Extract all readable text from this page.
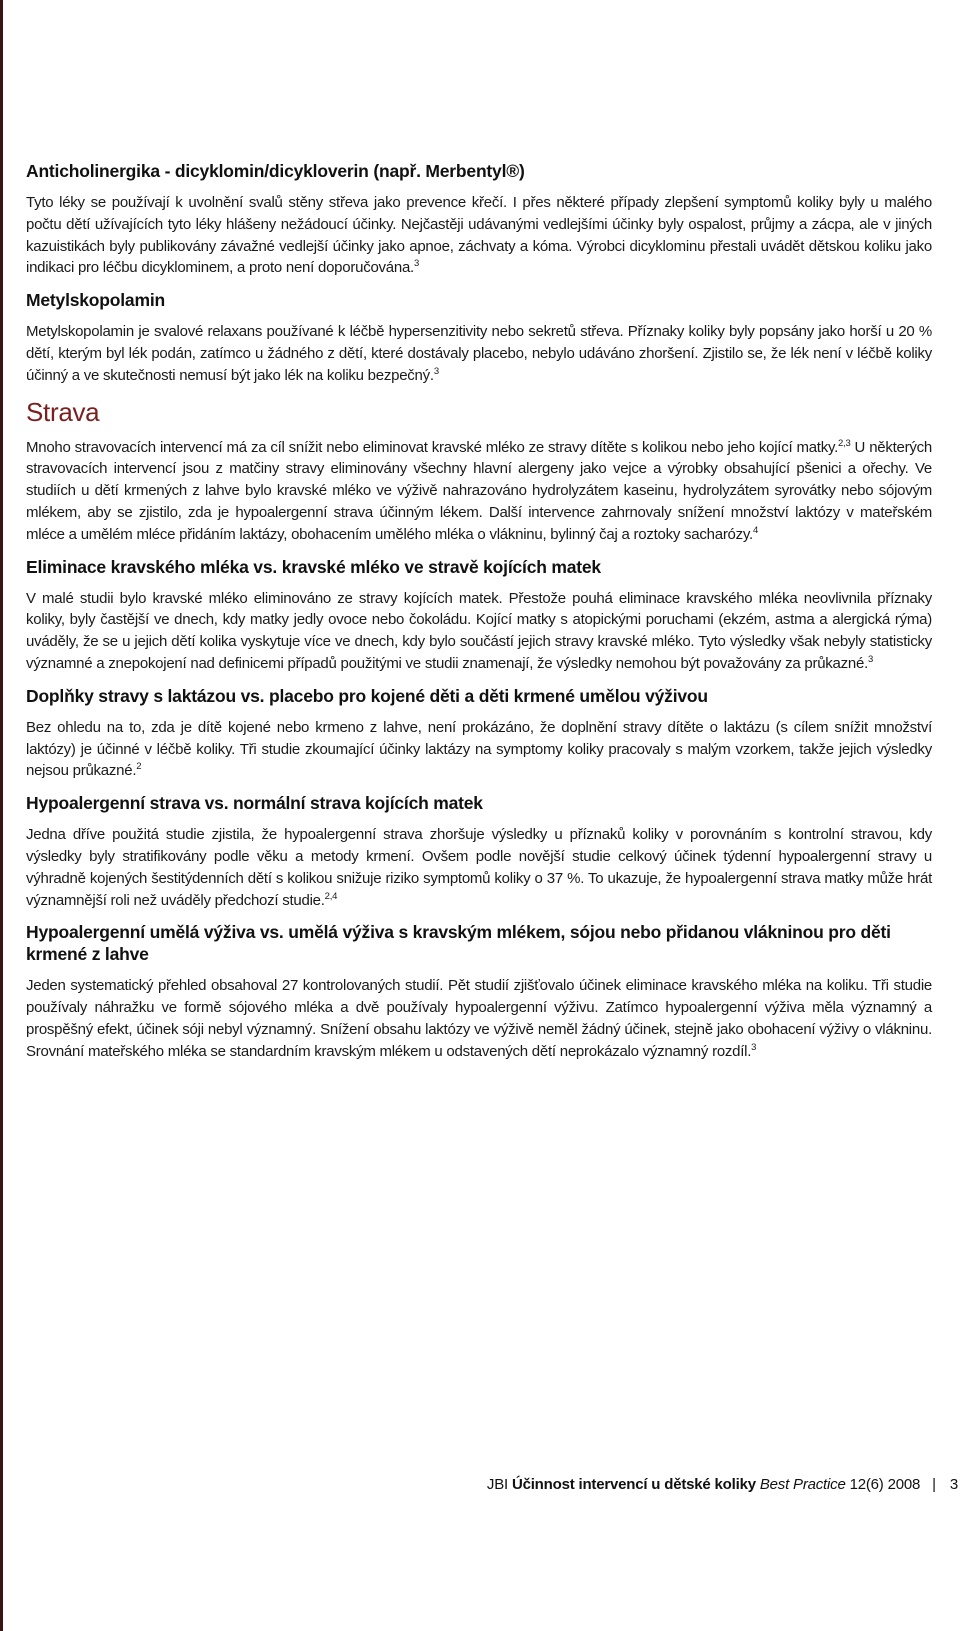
Anticholinergika - dicyklomin/dicykloverin (např. Merbentyl®)

Tyto léky se používají k uvolnění svalů stěny střeva jako prevence křečí. I přes některé případy zlepšení symptomů koliky byly u malého počtu dětí užívajících tyto léky hlášeny nežádoucí účinky. Nejčastěji udávanými vedlejšími účinky byly ospalost, průjmy a zácpa, ale v jiných kazuistikách byly publikovány závažné vedlejší účinky jako apnoe, záchvaty a kóma. Výrobci dicyklominu přestali uvádět dětskou koliku jako indikaci pro léčbu dicyklominem, a proto není doporučována.$^3$

Metylskopolamin

Metylskopolamin je svalové relaxans používané k léčbě hypersenzitivity nebo sekretů střeva. Příznaky koliky byly popsány jako horší u 20 % dětí, kterým byl lék podán, zatímco u žádného z dětí, které dostávaly placebo, nebylo udáváno zhoršení. Zjistilo se, že lék není v léčbě koliky účinný a ve skutečnosti nemusí být jako lék na koliku bezpečný.$^3$

Strava

Mnoho stravovacích intervencí má za cíl snížit nebo eliminovat kravské mléko ze stravy dítěte s kolikou nebo jeho kojící matky.$^{2,3}$ U některých stravovacích intervencí jsou z matčiny stravy eliminovány všechny hlavní alergeny jako vejce a výrobky obsahující pšenici a ořechy. Ve studiích u dětí krmených z lahve bylo kravské mléko ve výživě nahrazováno hydrolyzátem kaseinu, hydrolyzátem syrovátky nebo sójovým mlékem, aby se zjistilo, zda je hypoalergenní strava účinným lékem. Další intervence zahrnovaly snížení množství laktózy v mateřském mléce a umělém mléce přidáním laktázy, obohacením umělého mléka o vlákninu, bylinný čaj a roztoky sacharózy.$^4$

Eliminace kravského mléka vs. kravské mléko ve stravě kojících matek

V malé studii bylo kravské mléko eliminováno ze stravy kojících matek. Přestože pouhá eliminace kravského mléka neovlivnila příznaky koliky, byly častější ve dnech, kdy matky jedly ovoce nebo čokoládu. Kojící matky s atopickými poruchami (ekzém, astma a alergická rýma) uváděly, že se u jejich dětí kolika vyskytuje více ve dnech, kdy bylo součástí jejich stravy kravské mléko. Tyto výsledky však nebyly statisticky významné a znepokojení nad definicemi případů použitými ve studii znamenají, že výsledky nemohou být považovány za průkazné.$^3$

Doplňky stravy s laktázou vs. placebo pro kojené děti a děti krmené umělou výživou

Bez ohledu na to, zda je dítě kojené nebo krmeno z lahve, není prokázáno, že doplnění stravy dítěte o laktázu (s cílem snížit množství laktózy) je účinné v léčbě koliky. Tři studie zkoumající účinky laktázy na symptomy koliky pracovaly s malým vzorkem, takže jejich výsledky nejsou průkazné.$^2$

Hypoalergenní strava vs. normální strava kojících matek

Jedna dříve použitá studie zjistila, že hypoalergenní strava zhoršuje výsledky u příznaků koliky v porovnáním s kontrolní stravou, kdy výsledky byly stratifikovány podle věku a metody krmení. Ovšem podle novější studie celkový účinek týdenní hypoalergenní stravy u výhradně kojených šestitýdenních dětí s kolikou snižuje riziko symptomů koliky o 37 %. To ukazuje, že hypoalergenní strava matky může hrát významnější roli než uváděly předchozí studie.$^{2,4}$

Hypoalergenní umělá výživa vs. umělá výživa s kravským mlékem, sójou nebo přidanou vlákninou pro děti krmené z lahve

Jeden systematický přehled obsahoval 27 kontrolovaných studií. Pět studií zjišťovalo účinek eliminace kravského mléka na koliku. Tři studie používaly náhražku ve formě sójového mléka a dvě používaly hypoalergenní výživu. Zatímco hypoalergenní výživa měla významný a prospěšný efekt, účinek sóji nebyl významný. Snížení obsahu laktózy ve výživě neměl žádný účinek, stejně jako obohacení výživy o vlákninu. Srovnání mateřského mléka se standardním kravským mlékem u odstavených dětí neprokázalo významný rozdíl.$^3$

JBI Účinnost intervencí u dětské koliky Best Practice 12(6) 2008 | 3
